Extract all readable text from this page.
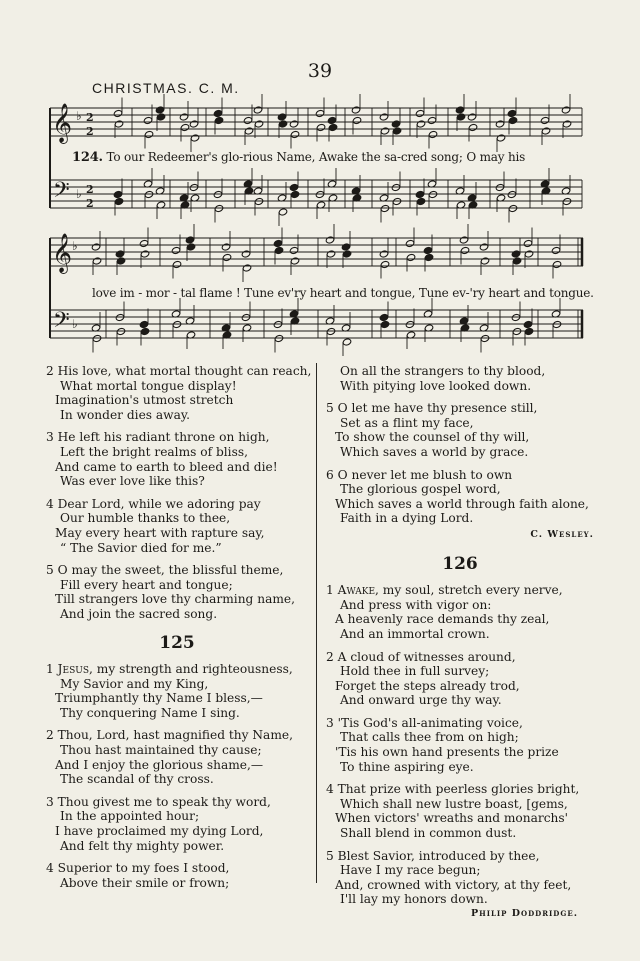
39
CHRISTMAS. C. M.
𝄞
𝄢
𝄞
𝄢
♭
♭
♭
♭
2
2
2
2
124. To our Redeemer's glo-rious Name, Awake the sa-cred song; O may his
love im - mor - tal flame ! Tune ev'ry heart and tongue, Tune ev-'ry heart and tongue.
2 His love, what mortal thought can reach,
What mortal tongue display!
Imagination's utmost stretch
In wonder dies away.
3 He left his radiant throne on high,
Left the bright realms of bliss,
And came to earth to bleed and die!
Was ever love like this?
4 Dear Lord, while we adoring pay
Our humble thanks to thee,
May every heart with rapture say,
“ The Savior died for me.”
5 O may the sweet, the blissful theme,
Fill every heart and tongue;
Till strangers love thy charming name,
And join the sacred song.
125
1 Jesus, my strength and righteousness,
My Savior and my King,
Triumphantly thy Name I bless,—
Thy conquering Name I sing.
2 Thou, Lord, hast magnified thy Name,
Thou hast maintained thy cause;
And I enjoy the glorious shame,—
The scandal of thy cross.
3 Thou givest me to speak thy word,
In the appointed hour;
I have proclaimed my dying Lord,
And felt thy mighty power.
4 Superior to my foes I stood,
Above their smile or frown;
On all the strangers to thy blood,
With pitying love looked down.
5 O let me have thy presence still,
Set as a flint my face,
To show the counsel of thy will,
Which saves a world by grace.
6 O never let me blush to own
The glorious gospel word,
Which saves a world through faith alone,
Faith in a dying Lord.
C. Wesley.
126
1 Awake, my soul, stretch every nerve,
And press with vigor on:
A heavenly race demands thy zeal,
And an immortal crown.
2 A cloud of witnesses around,
Hold thee in full survey;
Forget the steps already trod,
And onward urge thy way.
3 'Tis God's all-animating voice,
That calls thee from on high;
'Tis his own hand presents the prize
To thine aspiring eye.
4 That prize with peerless glories bright,
Which shall new lustre boast, [gems,
When victors' wreaths and monarchs'
Shall blend in common dust.
5 Blest Savior, introduced by thee,
Have I my race begun;
And, crowned with victory, at thy feet,
I'll lay my honors down.
Philip Doddridge.
